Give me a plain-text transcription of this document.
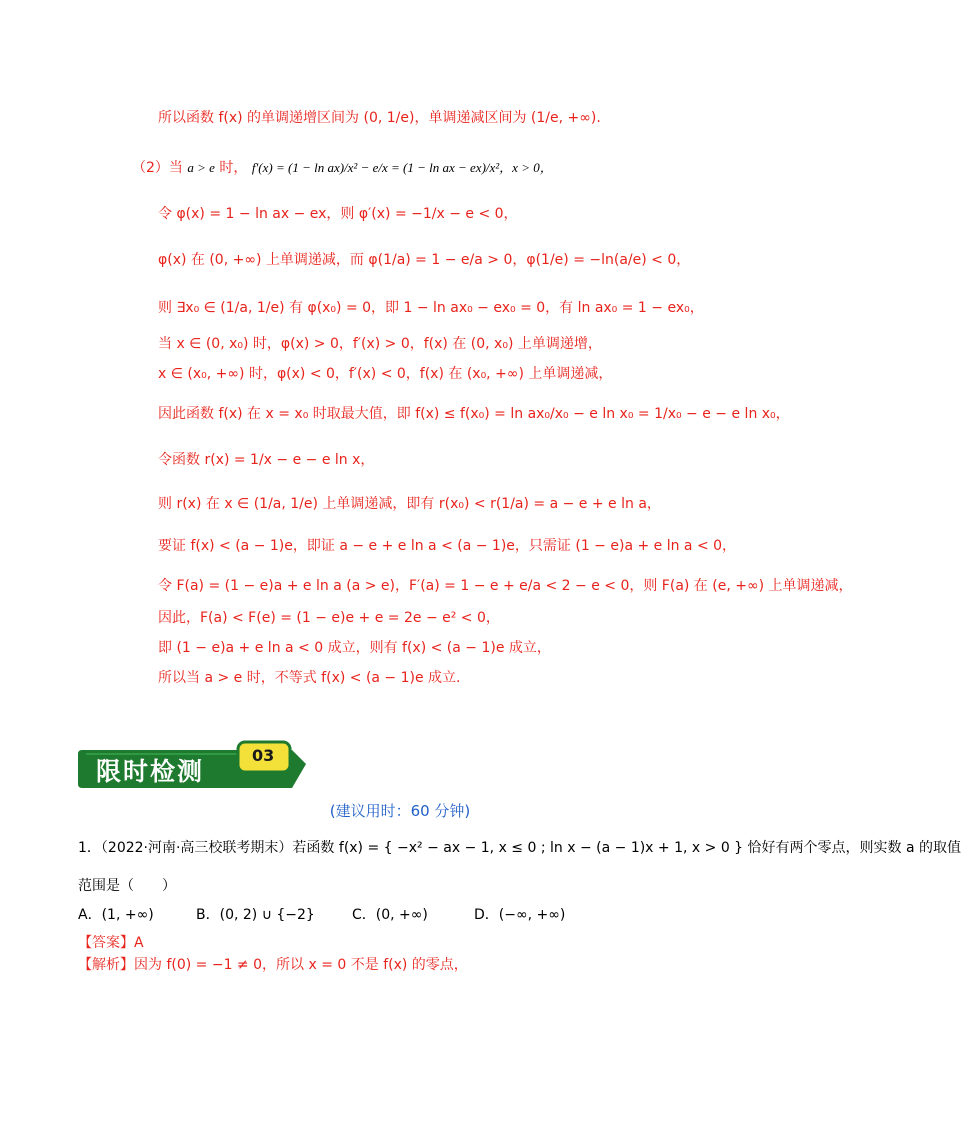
所以函数 f(x) 的单调递增区间为 (0, 1/e)，单调递减区间为 (1/e, +∞).
（2）当 a > e 时， f′(x) = (1 − ln ax)/x² − e/x = (1 − ln ax − ex)/x²，x > 0，
令 φ(x) = 1 − ln ax − ex，则 φ′(x) = −1/x − e < 0，
φ(x) 在 (0, +∞) 上单调递减，而 φ(1/a) = 1 − e/a > 0，φ(1/e) = −ln(a/e) < 0，
则 ∃x₀ ∈ (1/a, 1/e) 有 φ(x₀) = 0，即 1 − ln ax₀ − ex₀ = 0，有 ln ax₀ = 1 − ex₀，
当 x ∈ (0, x₀) 时，φ(x) > 0，f′(x) > 0，f(x) 在 (0, x₀) 上单调递增，
x ∈ (x₀, +∞) 时，φ(x) < 0，f′(x) < 0，f(x) 在 (x₀, +∞) 上单调递减，
因此函数 f(x) 在 x = x₀ 时取最大值，即 f(x) ≤ f(x₀) = ln ax₀/x₀ − e ln x₀ = 1/x₀ − e − e ln x₀，
令函数 r(x) = 1/x − e − e ln x，
则 r(x) 在 x ∈ (1/a, 1/e) 上单调递减，即有 r(x₀) < r(1/a) = a − e + e ln a，
要证 f(x) < (a − 1)e，即证 a − e + e ln a < (a − 1)e，只需证 (1 − e)a + e ln a < 0，
令 F(a) = (1 − e)a + e ln a (a > e)，F′(a) = 1 − e + e/a < 2 − e < 0，则 F(a) 在 (e, +∞) 上单调递减，
因此，F(a) < F(e) = (1 − e)e + e = 2e − e² < 0，
即 (1 − e)a + e ln a < 0 成立，则有 f(x) < (a − 1)e 成立，
所以当 a > e 时，不等式 f(x) < (a − 1)e 成立.
限时检测
03
(建议用时：60 分钟)
1．（2022·河南·高三校联考期末）若函数 f(x) = { −x² − ax − 1, x ≤ 0 ; ln x − (a − 1)x + 1, x > 0 } 恰好有两个零点，则实数 a 的取值
范围是（　　）
A．(1, +∞)	B．(0, 2) ∪ {−2}	C．(0, +∞)	D．(−∞, +∞)
【答案】A
【解析】因为 f(0) = −1 ≠ 0，所以 x = 0 不是 f(x) 的零点，
